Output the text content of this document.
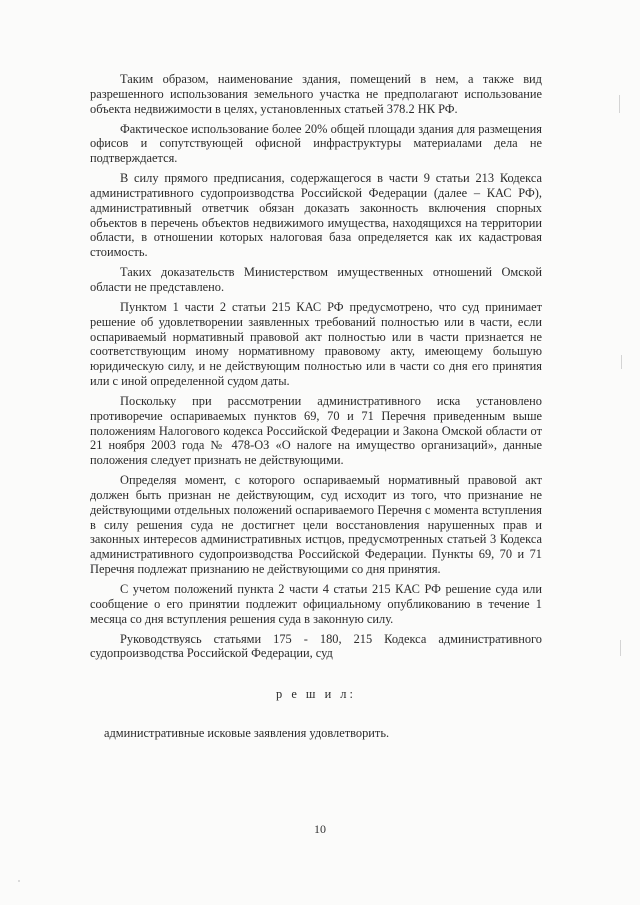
Таким образом, наименование здания, помещений в нем, а также вид разрешенного использования земельного участка не предполагают использование объекта недвижимости в целях, установленных статьей 378.2 НК РФ.

Фактическое использование более 20% общей площади здания для размещения офисов и сопутствующей офисной инфраструктуры материалами дела не подтверждается.

В силу прямого предписания, содержащегося в части 9 статьи 213 Кодекса административного судопроизводства Российской Федерации (далее – КАС РФ), административный ответчик обязан доказать законность включения спорных объектов в перечень объектов недвижимого имущества, находящихся на территории области, в отношении которых налоговая база определяется как их кадастровая стоимость.

Таких доказательств Министерством имущественных отношений Омской области не представлено.

Пунктом 1 части 2 статьи 215 КАС РФ предусмотрено, что суд принимает решение об удовлетворении заявленных требований полностью или в части, если оспариваемый нормативный правовой акт полностью или в части признается не соответствующим иному нормативному правовому акту, имеющему большую юридическую силу, и не действующим полностью или в части со дня его принятия или с иной определенной судом даты.

Поскольку при рассмотрении административного иска установлено противоречие оспариваемых пунктов 69, 70 и 71 Перечня приведенным выше положениям Налогового кодекса Российской Федерации и Закона Омской области от 21 ноября 2003 года № 478-ОЗ «О налоге на имущество организаций», данные положения следует признать не действующими.

Определяя момент, с которого оспариваемый нормативный правовой акт должен быть признан не действующим, суд исходит из того, что признание не действующими отдельных положений оспариваемого Перечня с момента вступления в силу решения суда не достигнет цели восстановления нарушенных прав и законных интересов административных истцов, предусмотренных статьей 3 Кодекса административного судопроизводства Российской Федерации. Пункты 69, 70 и 71 Перечня подлежат признанию не действующими со дня принятия.

С учетом положений пункта 2 части 4 статьи 215 КАС РФ решение суда или сообщение о его принятии подлежит официальному опубликованию в течение 1 месяца со дня вступления решения суда в законную силу.

Руководствуясь статьями 175 - 180, 215 Кодекса административного судопроизводства Российской Федерации, суд

р е ш и л:

административные исковые заявления удовлетворить.

10
